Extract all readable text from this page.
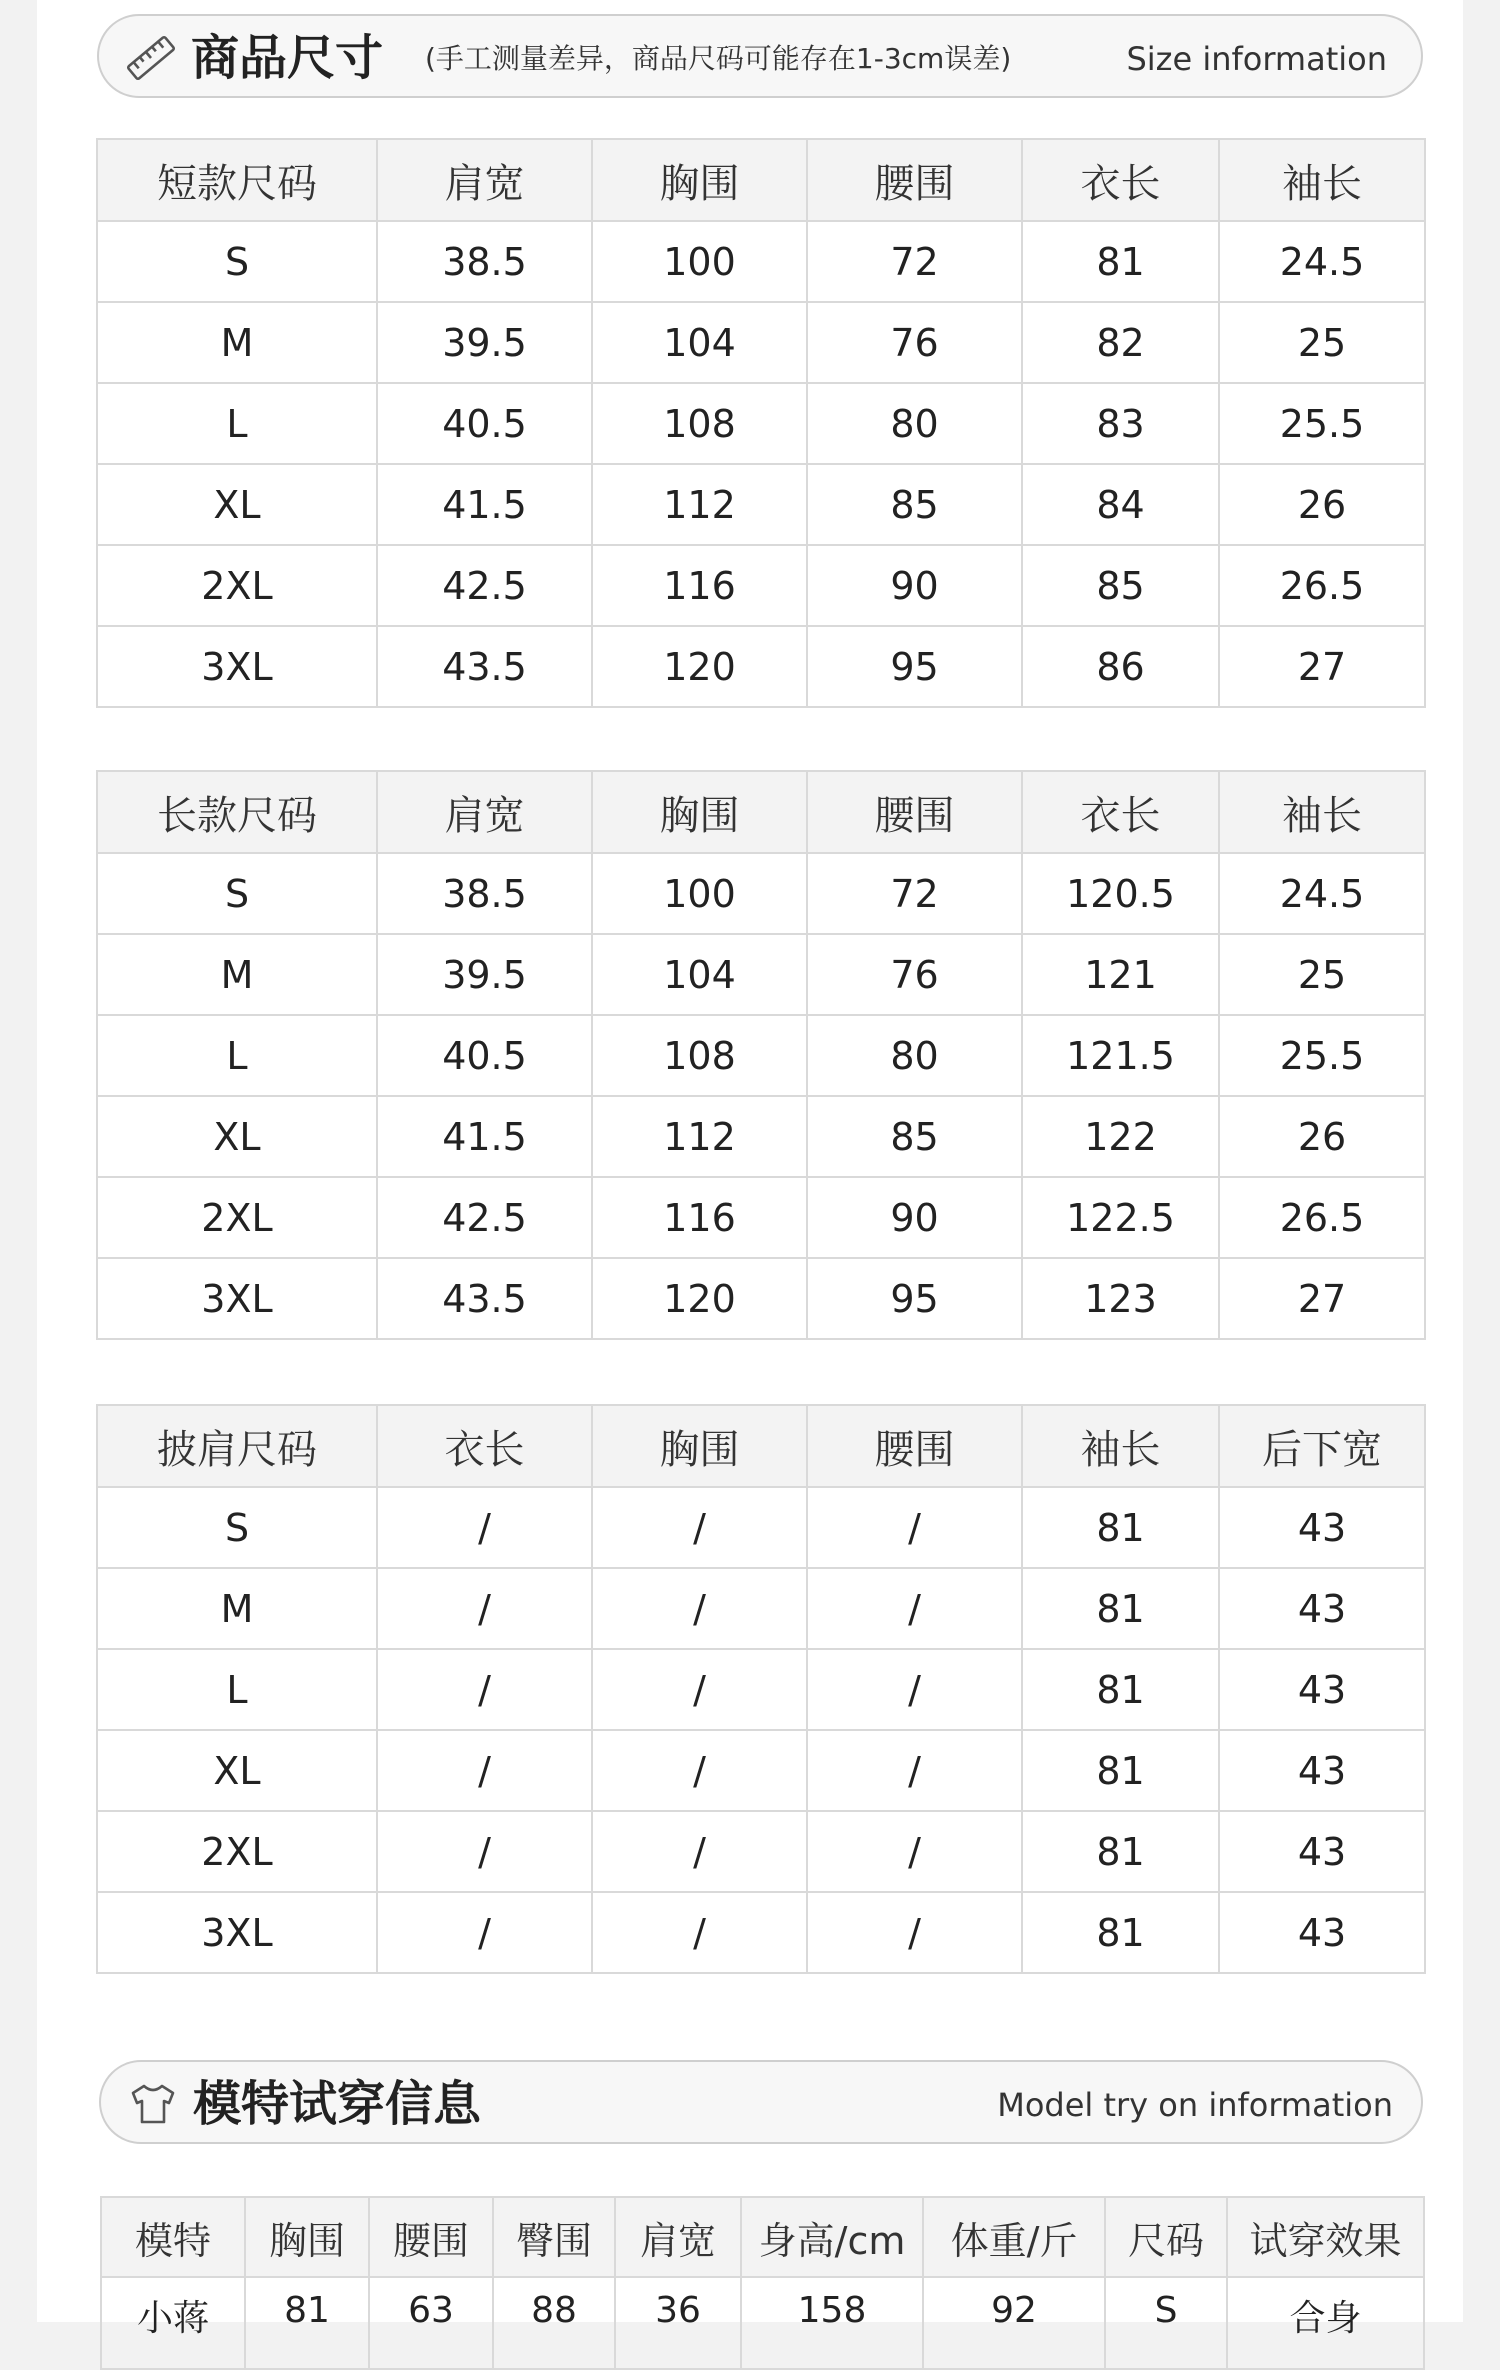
商品尺寸 (手工测量差异，商品尺码可能存在1-3cm误差)	Size information
短款尺码	肩宽	胸围	腰围	衣长	袖长
S	38.5	100	72	81	24.5
M	39.5	104	76	82	25
L	40.5	108	80	83	25.5
XL	41.5	112	85	84	26
2XL	42.5	116	90	85	26.5
3XL	43.5	120	95	86	27
长款尺码	肩宽	胸围	腰围	衣长	袖长
S	38.5	100	72	120.5	24.5
M	39.5	104	76	121	25
L	40.5	108	80	121.5	25.5
XL	41.5	112	85	122	26
2XL	42.5	116	90	122.5	26.5
3XL	43.5	120	95	123	27
披肩尺码	衣长	胸围	腰围	袖长	后下宽
S	/	/	/	81	43
M	/	/	/	81	43
L	/	/	/	81	43
XL	/	/	/	81	43
2XL	/	/	/	81	43
3XL	/	/	/	81	43
模特试穿信息	Model try on information
模特	胸围	腰围	臀围	肩宽	身高/cm	体重/斤	尺码	试穿效果
小蒋	81	63	88	36	158	92	S	合身
